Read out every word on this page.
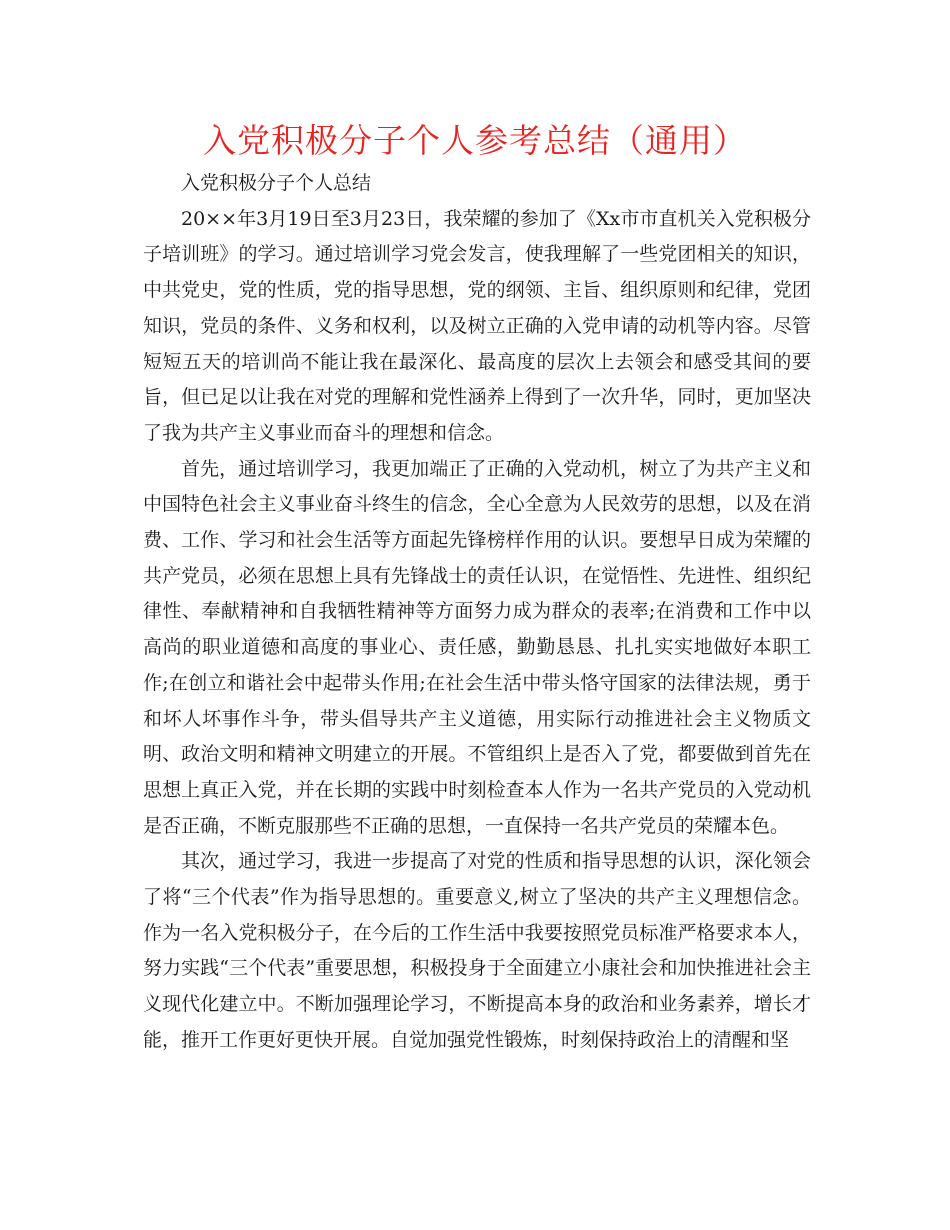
入党积极分子个人参考总结（通用）

入党积极分子个人总结

20××年3月19日至3月23日，我荣耀的参加了《Xx市市直机关入党积极分子培训班》的学习。通过培训学习党会发言，使我理解了一些党团相关的知识，中共党史，党的性质，党的指导思想，党的纲领、主旨、组织原则和纪律，党团知识，党员的条件、义务和权利，以及树立正确的入党申请的动机等内容。尽管短短五天的培训尚不能让我在最深化、最高度的层次上去领会和感受其间的要旨，但已足以让我在对党的理解和党性涵养上得到了一次升华，同时，更加坚决了我为共产主义事业而奋斗的理想和信念。

首先，通过培训学习，我更加端正了正确的入党动机，树立了为共产主义和中国特色社会主义事业奋斗终生的信念，全心全意为人民效劳的思想，以及在消费、工作、学习和社会生活等方面起先锋榜样作用的认识。要想早日成为荣耀的共产党员，必须在思想上具有先锋战士的责任认识，在觉悟性、先进性、组织纪律性、奉献精神和自我牺牲精神等方面努力成为群众的表率;在消费和工作中以高尚的职业道德和高度的事业心、责任感，勤勤恳恳、扎扎实实地做好本职工作;在创立和谐社会中起带头作用;在社会生活中带头恪守国家的法律法规，勇于和坏人坏事作斗争，带头倡导共产主义道德，用实际行动推进社会主义物质文明、政治文明和精神文明建立的开展。不管组织上是否入了党，都要做到首先在思想上真正入党，并在长期的实践中时刻检查本人作为一名共产党员的入党动机是否正确，不断克服那些不正确的思想，一直保持一名共产党员的荣耀本色。

其次，通过学习，我进一步提高了对党的性质和指导思想的认识，深化领会了将“三个代表”作为指导思想的。重要意义,树立了坚决的共产主义理想信念。作为一名入党积极分子，在今后的工作生活中我要按照党员标准严格要求本人，努力实践“三个代表”重要思想，积极投身于全面建立小康社会和加快推进社会主义现代化建立中。不断加强理论学习，不断提高本身的政治和业务素养，增长才能，推开工作更好更快开展。自觉加强党性锻炼，时刻保持政治上的清醒和坚
